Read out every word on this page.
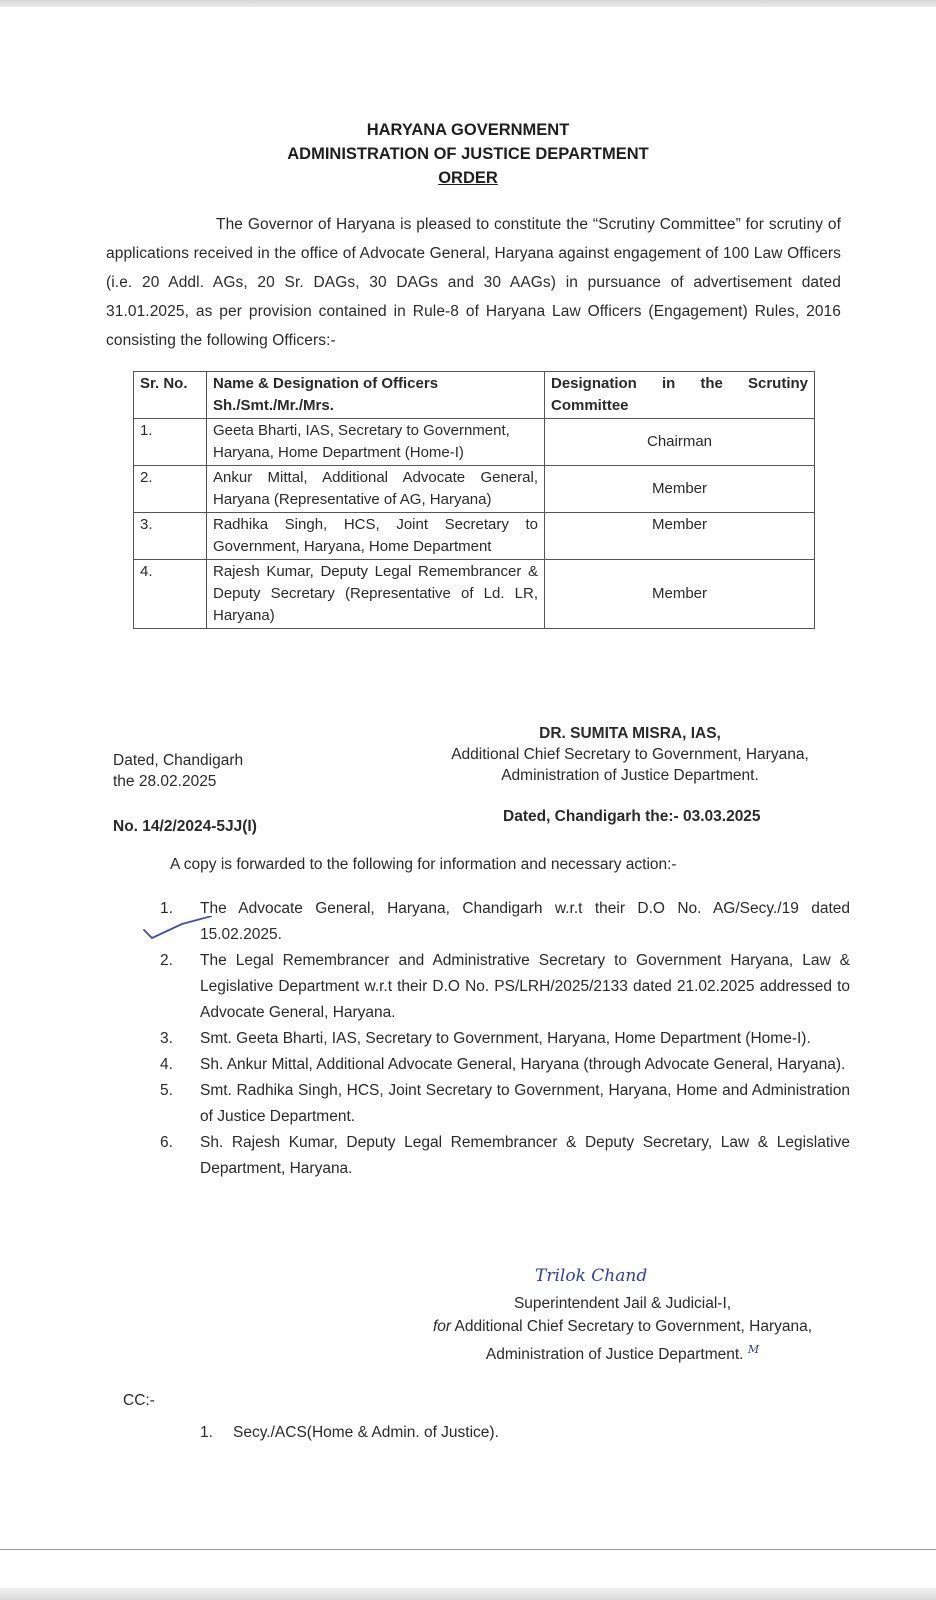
HARYANA GOVERNMENT
ADMINISTRATION OF JUSTICE DEPARTMENT
ORDER
The Governor of Haryana is pleased to constitute the “Scrutiny Committee” for scrutiny of applications received in the office of Advocate General, Haryana against engagement of 100 Law Officers (i.e. 20 Addl. AGs, 20 Sr. DAGs, 30 DAGs and 30 AAGs) in pursuance of advertisement dated 31.01.2025, as per provision contained in Rule-8 of Haryana Law Officers (Engagement) Rules, 2016 consisting the following Officers:-
Sr. No.	Name & Designation of Officers Sh./Smt./Mr./Mrs.	Designation in the Scrutiny Committee
1.	Geeta Bharti, IAS, Secretary to Government, Haryana, Home Department (Home-I)	Chairman
2.	Ankur Mittal, Additional Advocate General, Haryana (Representative of AG, Haryana)	Member
3.	Radhika Singh, HCS, Joint Secretary to Government, Haryana, Home Department	Member
4.	Rajesh Kumar, Deputy Legal Remembrancer & Deputy Secretary (Representative of Ld. LR, Haryana)	Member
DR. SUMITA MISRA, IAS,
Additional Chief Secretary to Government, Haryana,
Administration of Justice Department.
Dated, Chandigarh
the 28.02.2025
No. 14/2/2024-5JJ(I)
Dated, Chandigarh the:- 03.03.2025
A copy is forwarded to the following for information and necessary action:-
1.	The Advocate General, Haryana, Chandigarh w.r.t their D.O No. AG/Secy./19 dated 15.02.2025.
2.	The Legal Remembrancer and Administrative Secretary to Government Haryana, Law & Legislative Department w.r.t their D.O No. PS/LRH/2025/2133 dated 21.02.2025 addressed to Advocate General, Haryana.
3.	Smt. Geeta Bharti, IAS, Secretary to Government, Haryana, Home Department (Home-I).
4.	Sh. Ankur Mittal, Additional Advocate General, Haryana (through Advocate General, Haryana).
5.	Smt. Radhika Singh, HCS, Joint Secretary to Government, Haryana, Home and Administration of Justice Department.
6.	Sh. Rajesh Kumar, Deputy Legal Remembrancer & Deputy Secretary, Law & Legislative Department, Haryana.
Trilok Chand
Superintendent Jail & Judicial-I,
for Additional Chief Secretary to Government, Haryana,
Administration of Justice Department. $^M$
CC:-
1.	Secy./ACS(Home & Admin. of Justice).
